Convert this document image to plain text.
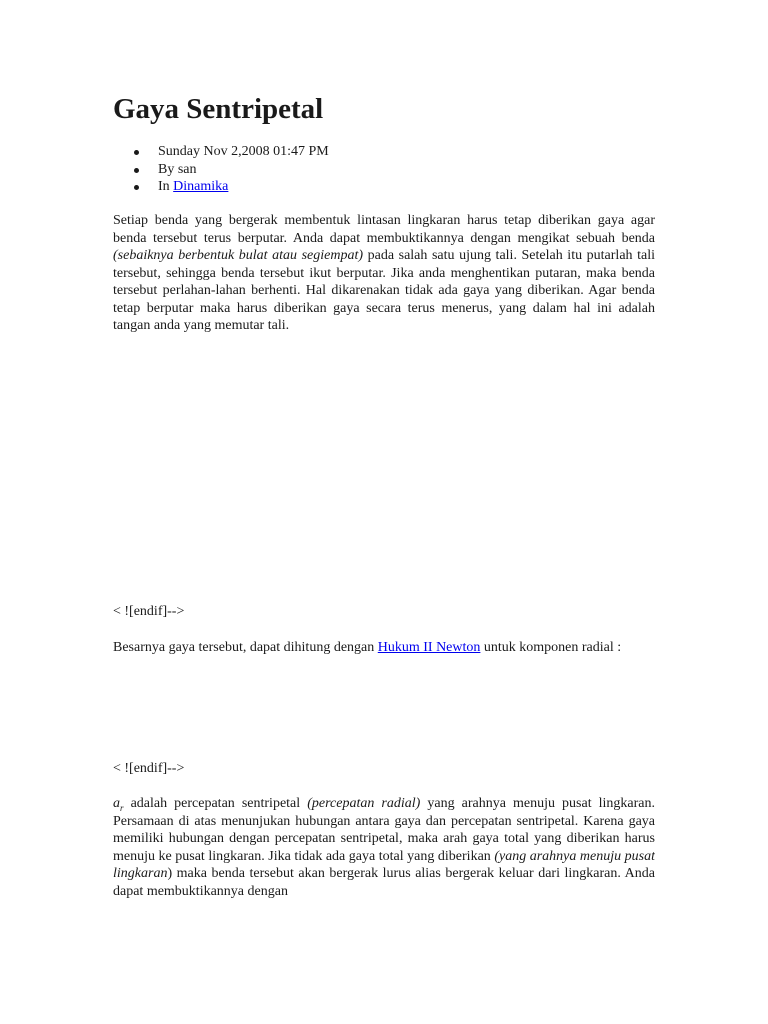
Gaya Sentripetal
Sunday Nov 2,2008 01:47 PM
By san
In Dinamika

Setiap benda yang bergerak membentuk lintasan lingkaran harus tetap diberikan gaya agar benda tersebut terus berputar. Anda dapat membuktikannya dengan mengikat sebuah benda (sebaiknya berbentuk bulat atau segiempat) pada salah satu ujung tali. Setelah itu putarlah tali tersebut, sehingga benda tersebut ikut berputar. Jika anda menghentikan putaran, maka benda tersebut perlahan-lahan berhenti. Hal dikarenakan tidak ada gaya yang diberikan. Agar benda tetap berputar maka harus diberikan gaya secara terus menerus, yang dalam hal ini adalah tangan anda yang memutar tali.

< ![endif]-->

Besarnya gaya tersebut, dapat dihitung dengan Hukum II Newton untuk komponen radial :

< ![endif]-->

$a_r$ adalah percepatan sentripetal (percepatan radial) yang arahnya menuju pusat lingkaran. Persamaan di atas menunjukan hubungan antara gaya dan percepatan sentripetal. Karena gaya memiliki hubungan dengan percepatan sentripetal, maka arah gaya total yang diberikan harus menuju ke pusat lingkaran. Jika tidak ada gaya total yang diberikan (yang arahnya menuju pusat lingkaran) maka benda tersebut akan bergerak lurus alias bergerak keluar dari lingkaran. Anda dapat membuktikannya dengan
